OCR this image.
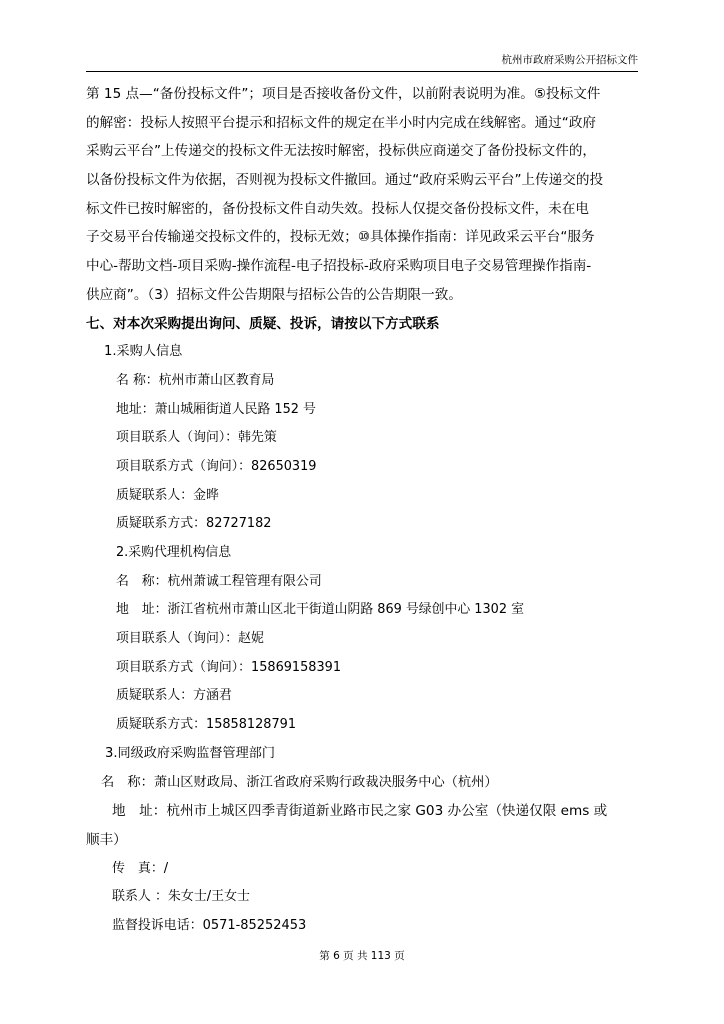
杭州市政府采购公开招标文件
第 15 点—“备份投标文件”；项目是否接收备份文件，以前附表说明为准。⑤投标文件
的解密：投标人按照平台提示和招标文件的规定在半小时内完成在线解密。通过“政府
采购云平台”上传递交的投标文件无法按时解密，投标供应商递交了备份投标文件的，
以备份投标文件为依据，否则视为投标文件撤回。通过“政府采购云平台”上传递交的投
标文件已按时解密的，备份投标文件自动失效。投标人仅提交备份投标文件，未在电
子交易平台传输递交投标文件的，投标无效；⑩具体操作指南：详见政采云平台“服务
中心-帮助文档-项目采购-操作流程-电子招投标-政府采购项目电子交易管理操作指南-
供应商”。（3）招标文件公告期限与招标公告的公告期限一致。
七、对本次采购提出询问、质疑、投诉，请按以下方式联系
1.采购人信息
名 称：杭州市萧山区教育局
地址：萧山城厢街道人民路 152 号
项目联系人（询问）：韩先策
项目联系方式（询问）：82650319
质疑联系人：金晔
质疑联系方式：82727182
2.采购代理机构信息
名　称：杭州萧诚工程管理有限公司
地　址：浙江省杭州市萧山区北干街道山阴路 869 号绿创中心 1302 室
项目联系人（询问）：赵妮
项目联系方式（询问）：15869158391
质疑联系人：方涵君
质疑联系方式：15858128791
3.同级政府采购监督管理部门
名　称：萧山区财政局、浙江省政府采购行政裁决服务中心（杭州）
地　址：杭州市上城区四季青街道新业路市民之家 G03 办公室（快递仅限 ems 或
顺丰）
传　真：/
联系人 ：朱女士/王女士
监督投诉电话：0571-85252453
第 6 页 共 113 页
